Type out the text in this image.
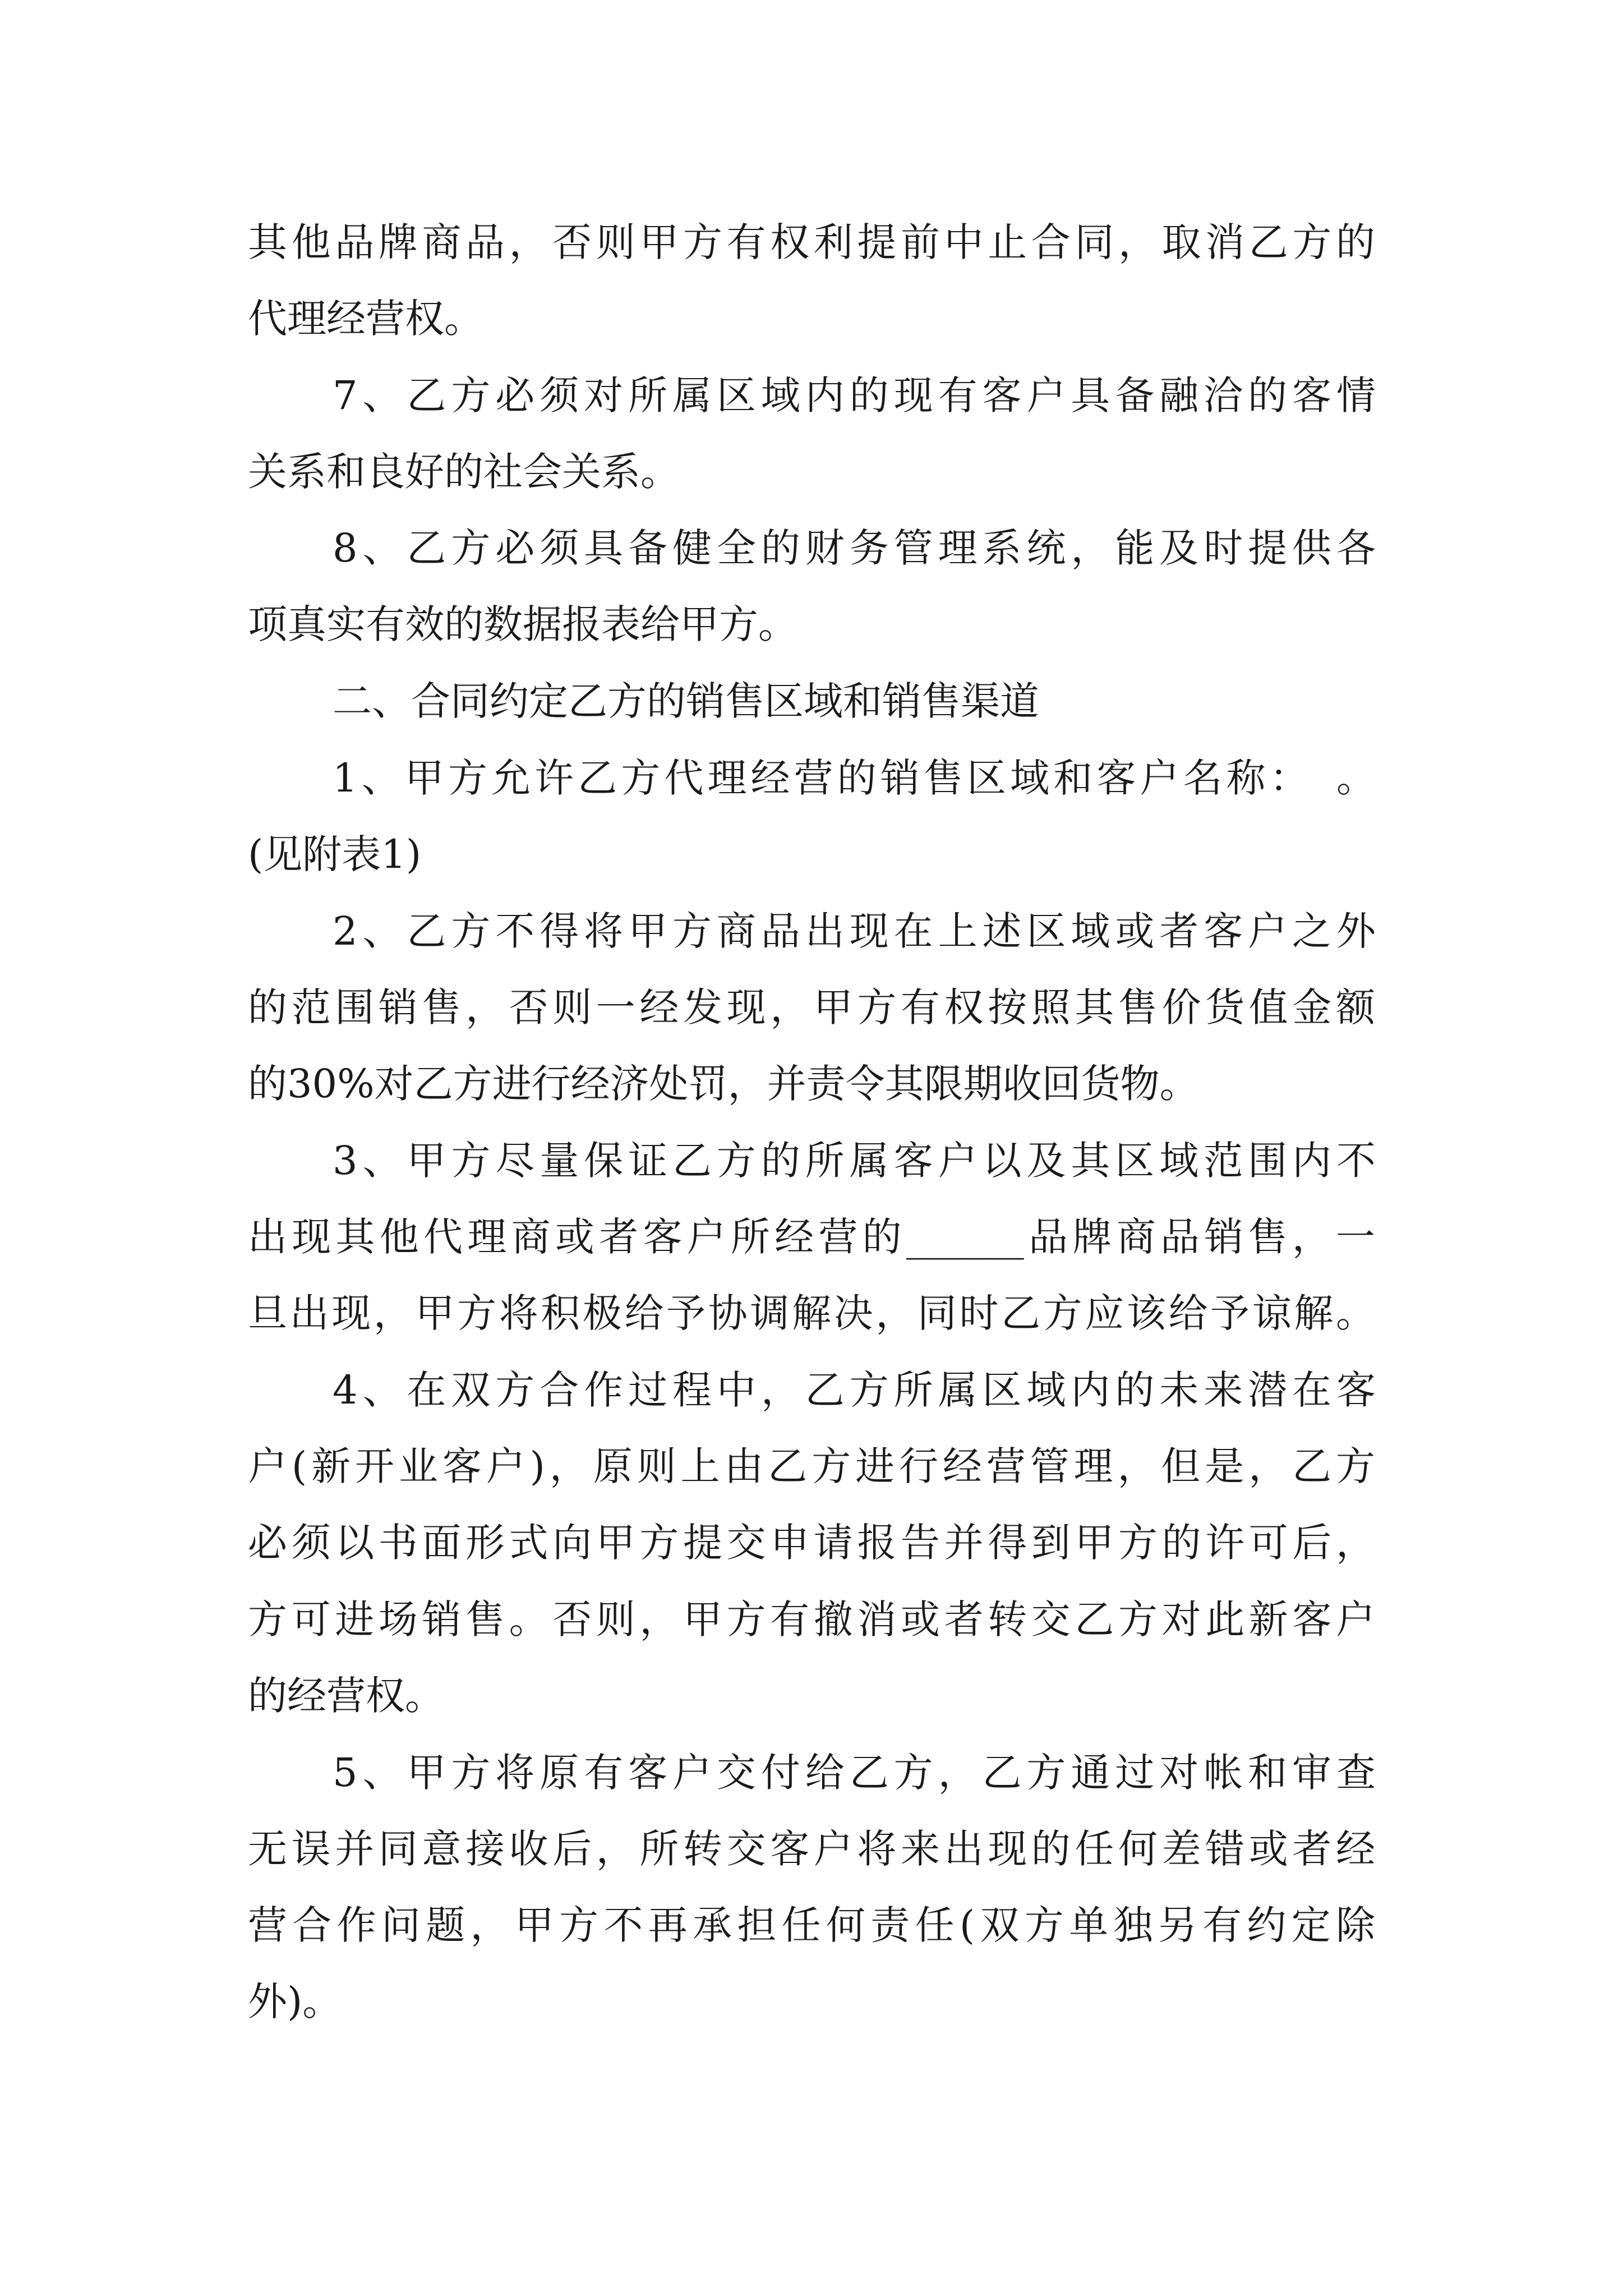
其他品牌商品，否则甲方有权利提前中止合同，取消乙方的
代理经营权。
7、乙方必须对所属区域内的现有客户具备融洽的客情
关系和良好的社会关系。
8、乙方必须具备健全的财务管理系统，能及时提供各
项真实有效的数据报表给甲方。
二、合同约定乙方的销售区域和销售渠道
1、甲方允许乙方代理经营的销售区域和客户名称：　。
(见附表1)
2、乙方不得将甲方商品出现在上述区域或者客户之外
的范围销售，否则一经发现，甲方有权按照其售价货值金额
的30%对乙方进行经济处罚，并责令其限期收回货物。
3、甲方尽量保证乙方的所属客户以及其区域范围内不
出现其他代理商或者客户所经营的______品牌商品销售，一
旦出现，甲方将积极给予协调解决，同时乙方应该给予谅解。
4、在双方合作过程中，乙方所属区域内的未来潜在客
户(新开业客户)，原则上由乙方进行经营管理，但是，乙方
必须以书面形式向甲方提交申请报告并得到甲方的许可后，
方可进场销售。否则，甲方有撤消或者转交乙方对此新客户
的经营权。
5、甲方将原有客户交付给乙方，乙方通过对帐和审查
无误并同意接收后，所转交客户将来出现的任何差错或者经
营合作问题，甲方不再承担任何责任(双方单独另有约定除
外)。
